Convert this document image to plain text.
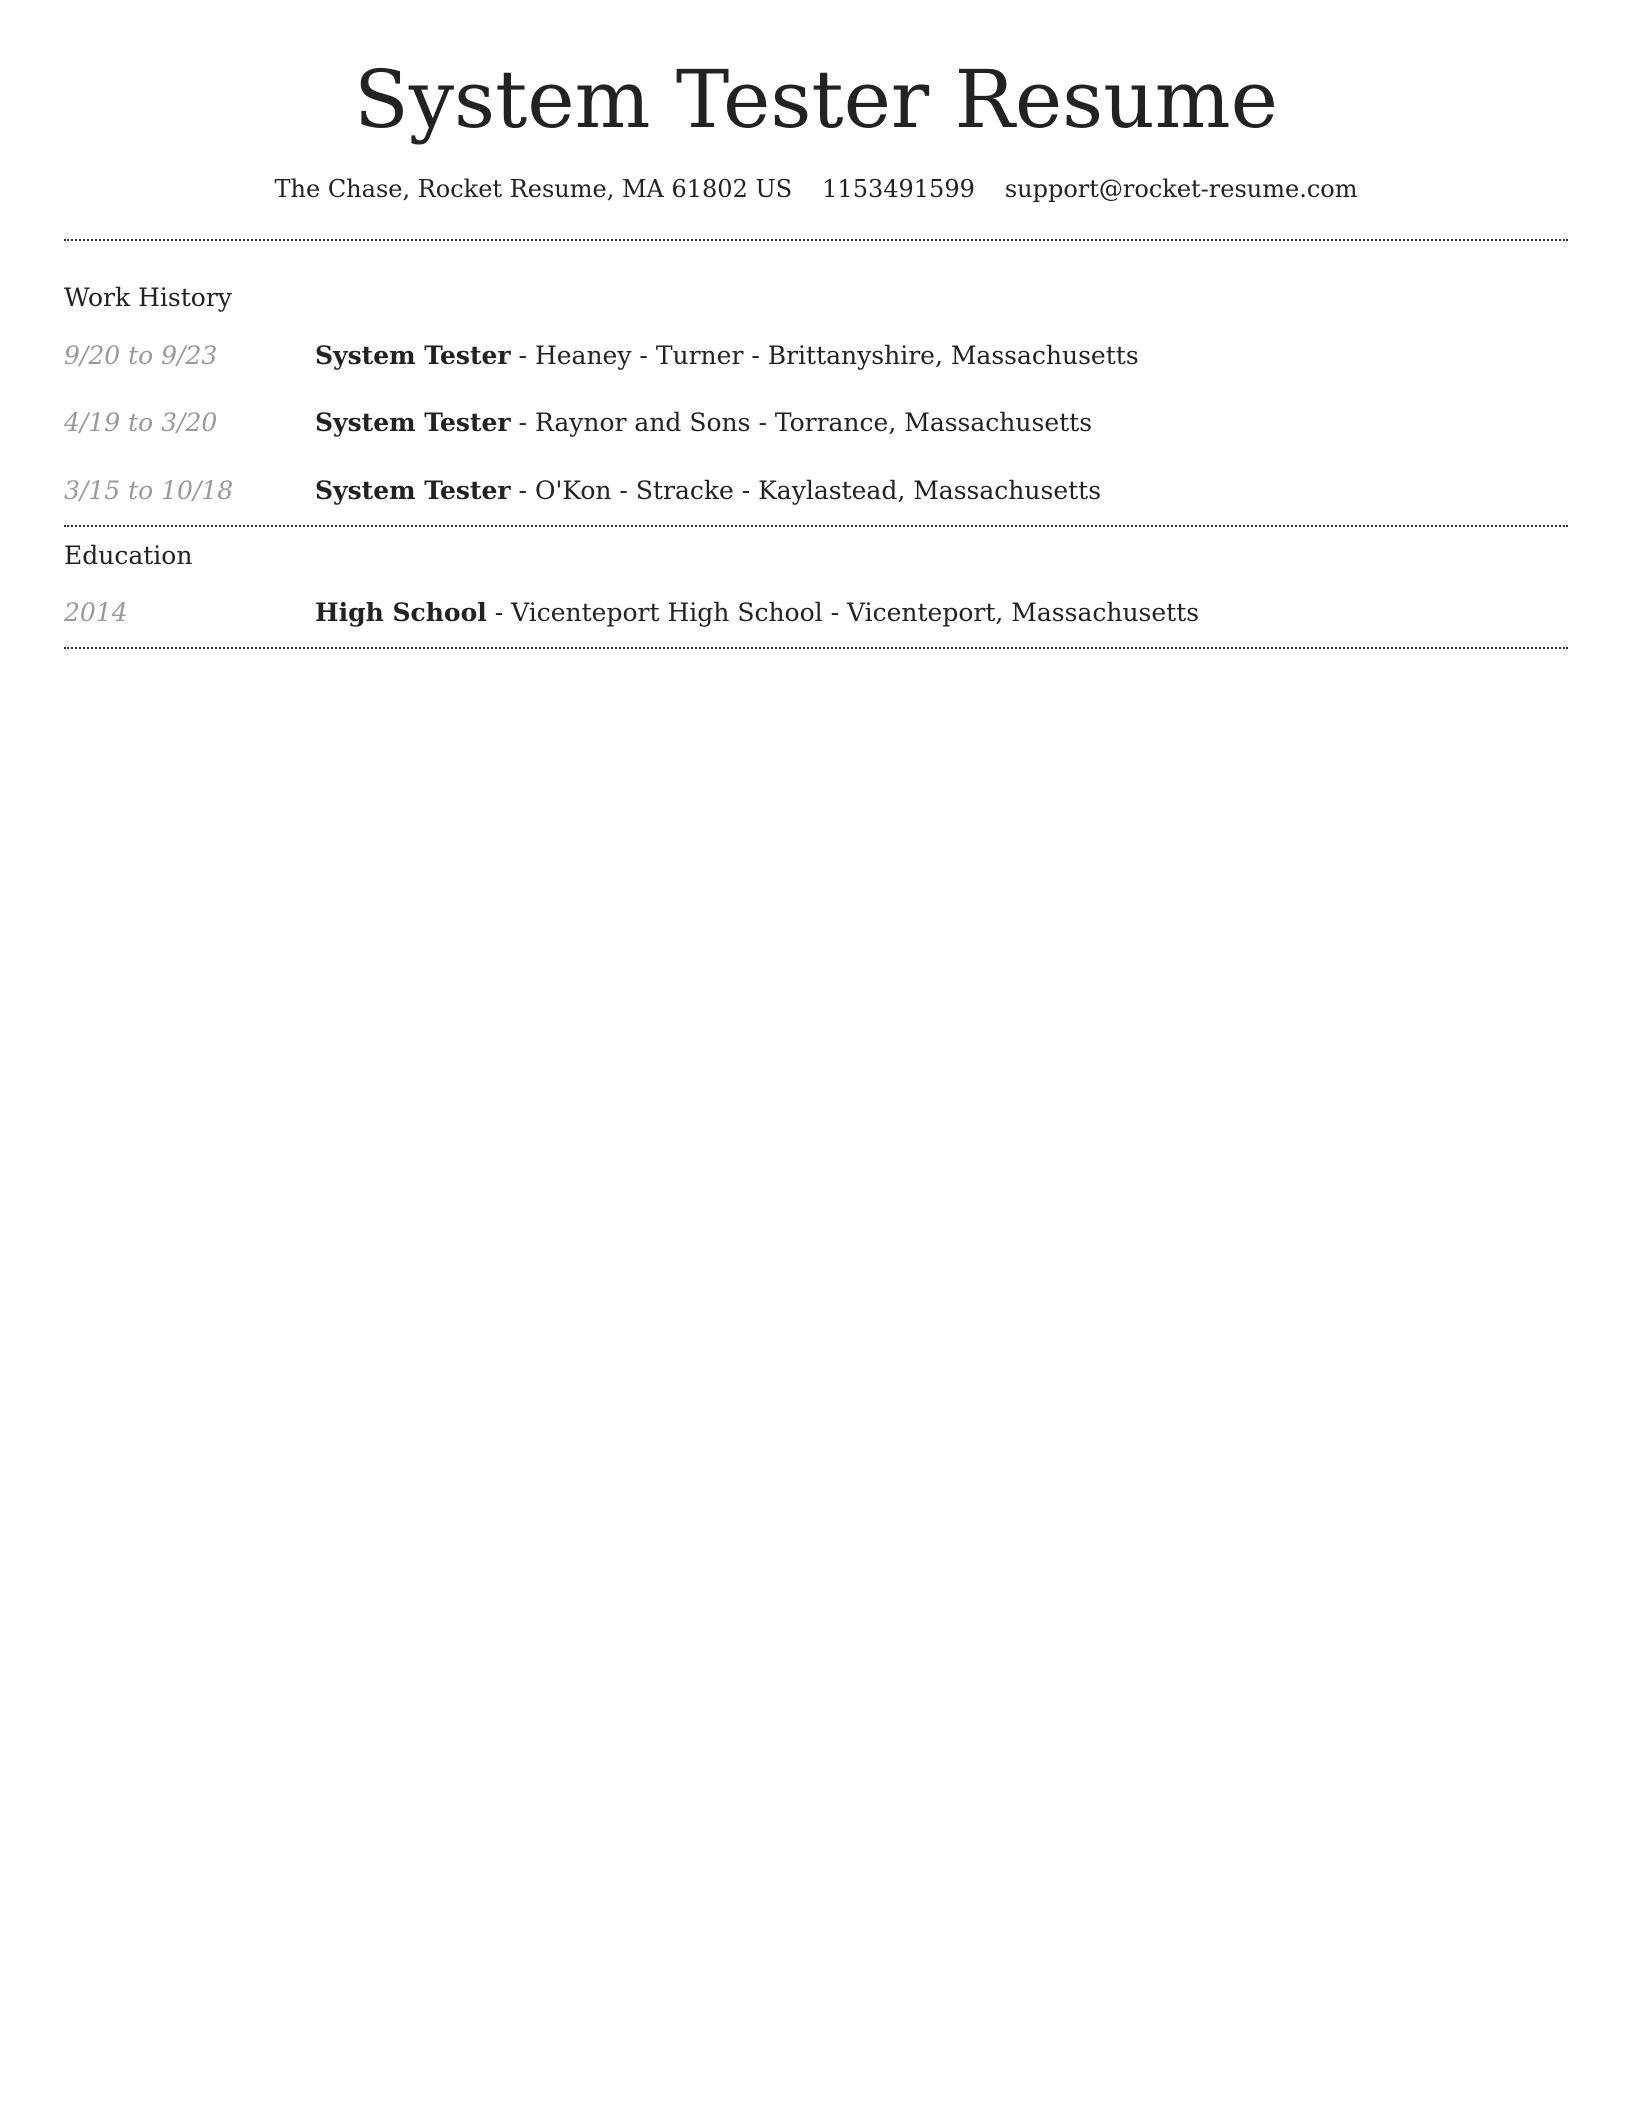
System Tester Resume
The Chase, Rocket Resume, MA 61802 US 1153491599 support@rocket-resume.com
Work History
9/20 to 9/23	System Tester - Heaney - Turner - Brittanyshire, Massachusetts
4/19 to 3/20	System Tester - Raynor and Sons - Torrance, Massachusetts
3/15 to 10/18	System Tester - O'Kon - Stracke - Kaylastead, Massachusetts
Education
2014	High School - Vicenteport High School - Vicenteport, Massachusetts
